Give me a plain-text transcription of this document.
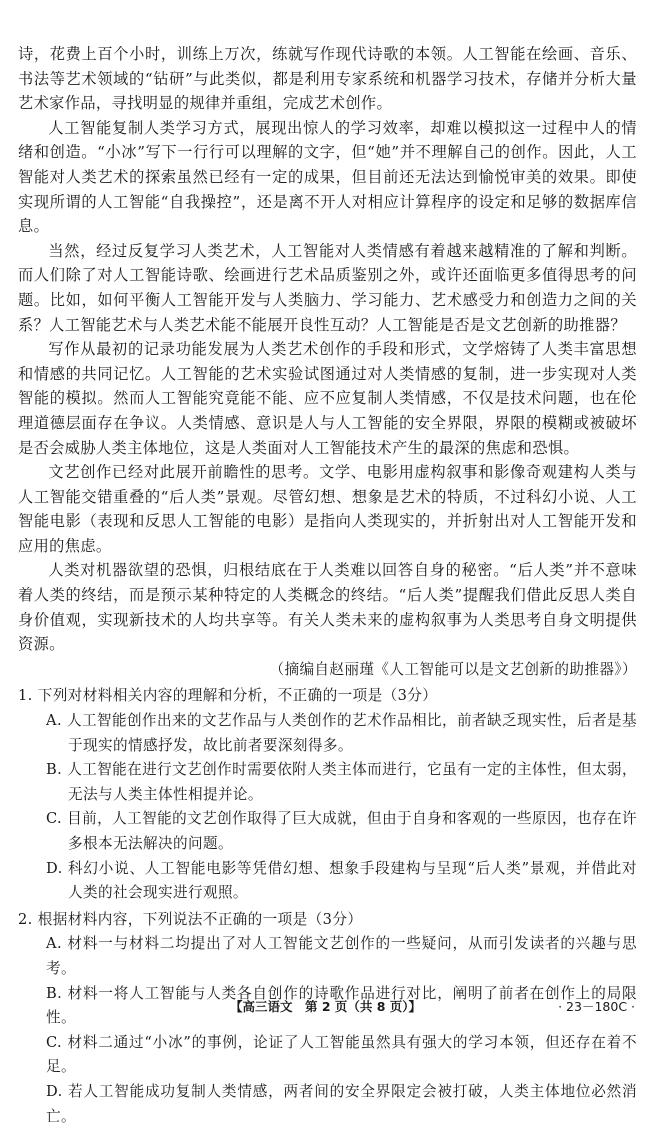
诗，花费上百个小时，训练上万次，练就写作现代诗歌的本领。人工智能在绘画、音乐、书法等艺术领域的“钻研”与此类似，都是利用专家系统和机器学习技术，存储并分析大量艺术家作品，寻找明显的规律并重组，完成艺术创作。

人工智能复制人类学习方式，展现出惊人的学习效率，却难以模拟这一过程中人的情绪和创造。“小冰”写下一行行可以理解的文字，但“她”并不理解自己的创作。因此，人工智能对人类艺术的探索虽然已经有一定的成果，但目前还无法达到愉悦审美的效果。即使实现所谓的人工智能“自我操控”，还是离不开人对相应计算程序的设定和足够的数据库信息。

当然，经过反复学习人类艺术，人工智能对人类情感有着越来越精准的了解和判断。而人们除了对人工智能诗歌、绘画进行艺术品质鉴别之外，或许还面临更多值得思考的问题。比如，如何平衡人工智能开发与人类脑力、学习能力、艺术感受力和创造力之间的关系？人工智能艺术与人类艺术能不能展开良性互动？人工智能是否是文艺创新的助推器？

写作从最初的记录功能发展为人类艺术创作的手段和形式，文学熔铸了人类丰富思想和情感的共同记忆。人工智能的艺术实验试图通过对人类情感的复制，进一步实现对人类智能的模拟。然而人工智能究竟能不能、应不应复制人类情感，不仅是技术问题，也在伦理道德层面存在争议。人类情感、意识是人与人工智能的安全界限，界限的模糊或被破坏是否会威胁人类主体地位，这是人类面对人工智能技术产生的最深的焦虑和恐惧。

文艺创作已经对此展开前瞻性的思考。文学、电影用虚构叙事和影像奇观建构人类与人工智能交错重叠的“后人类”景观。尽管幻想、想象是艺术的特质，不过科幻小说、人工智能电影（表现和反思人工智能的电影）是指向人类现实的，并折射出对人工智能开发和应用的焦虑。

人类对机器欲望的恐惧，归根结底在于人类难以回答自身的秘密。“后人类”并不意味着人类的终结，而是预示某种特定的人类概念的终结。“后人类”提醒我们借此反思人类自身价值观，实现新技术的人均共享等。有关人类未来的虚构叙事为人类思考自身文明提供资源。

（摘编自赵丽瑾《人工智能可以是文艺创新的助推器》）

1. 下列对材料相关内容的理解和分析，不正确的一项是（3分）

A. 人工智能创作出来的文艺作品与人类创作的艺术作品相比，前者缺乏现实性，后者是基于现实的情感抒发，故比前者要深刻得多。

B. 人工智能在进行文艺创作时需要依附人类主体而进行，它虽有一定的主体性，但太弱，无法与人类主体性相提并论。

C. 目前，人工智能的文艺创作取得了巨大成就，但由于自身和客观的一些原因，也存在许多根本无法解决的问题。

D. 科幻小说、人工智能电影等凭借幻想、想象手段建构与呈现“后人类”景观，并借此对人类的社会现实进行观照。

2. 根据材料内容，下列说法不正确的一项是（3分）

A. 材料一与材料二均提出了对人工智能文艺创作的一些疑问，从而引发读者的兴趣与思考。

B. 材料一将人工智能与人类各自创作的诗歌作品进行对比，阐明了前者在创作上的局限性。

C. 材料二通过“小冰”的事例，论证了人工智能虽然具有强大的学习本领，但还存在着不足。

D. 若人工智能成功复制人类情感，两者间的安全界限定会被打破，人类主体地位必然消亡。

【高三语文　第 2 页（共 8 页）】	· 23－180C ·
